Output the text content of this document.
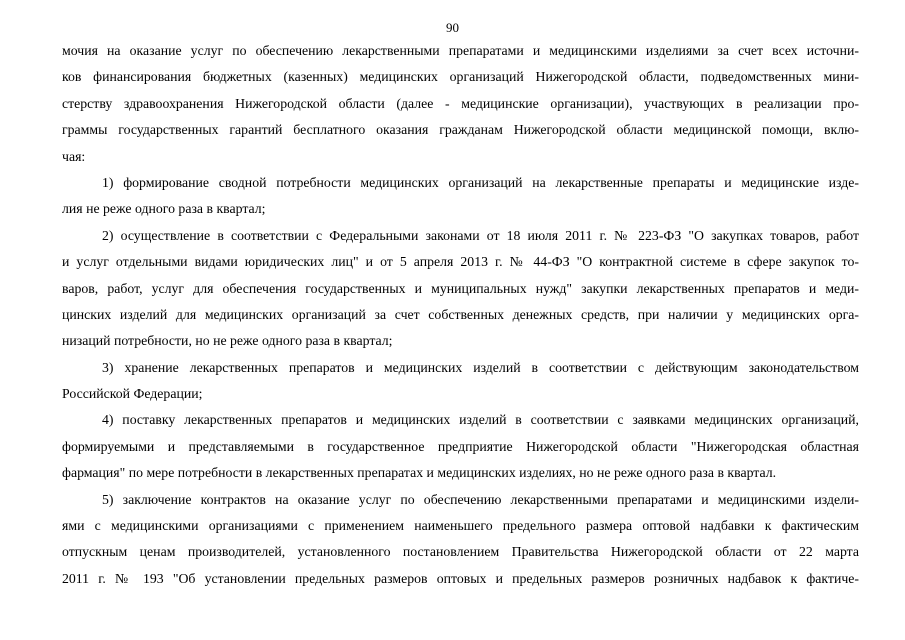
90
мочия на оказание услуг по обеспечению лекарственными препаратами и медицинскими изделиями за счет всех источни-
ков финансирования бюджетных (казенных) медицинских организаций Нижегородской области, подведомственных мини-
стерству здравоохранения Нижегородской области (далее - медицинские организации), участвующих в реализации про-
граммы государственных гарантий бесплатного оказания гражданам Нижегородской области медицинской помощи, вклю-
чая:
1) формирование сводной потребности медицинских организаций на лекарственные препараты и медицинские изде-
лия не реже одного раза в квартал;
2) осуществление в соответствии с Федеральными законами от 18 июля 2011 г. № 223-ФЗ "О закупках товаров, работ
и услуг отдельными видами юридических лиц" и от 5 апреля 2013 г. № 44-ФЗ "О контрактной системе в сфере закупок то-
варов, работ, услуг для обеспечения государственных и муниципальных нужд" закупки лекарственных препаратов и меди-
цинских изделий для медицинских организаций за счет собственных денежных средств, при наличии у медицинских орга-
низаций потребности, но не реже одного раза в квартал;
3) хранение лекарственных препаратов и медицинских изделий в соответствии с действующим законодательством
Российской Федерации;
4) поставку лекарственных препаратов и медицинских изделий в соответствии с заявками медицинских организаций,
формируемыми и представляемыми в государственное предприятие Нижегородской области "Нижегородская областная
фармация" по мере потребности в лекарственных препаратах и медицинских изделиях, но не реже одного раза в квартал.
5) заключение контрактов на оказание услуг по обеспечению лекарственными препаратами и медицинскими издели-
ями с медицинскими организациями с применением наименьшего предельного размера оптовой надбавки к фактическим
отпускным ценам производителей, установленного постановлением Правительства Нижегородской области от 22 марта
2011 г. № 193 "Об установлении предельных размеров оптовых и предельных размеров розничных надбавок к фактиче-
